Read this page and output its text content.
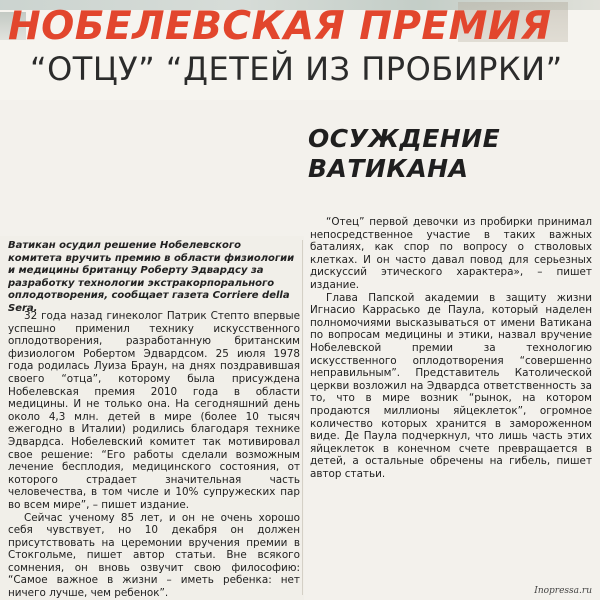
НОБЕЛЕВСКАЯ ПРЕМИЯ
“ОТЦУ” “ДЕТЕЙ ИЗ ПРОБИРКИ”
ОСУЖДЕНИЕ
ВАТИКАНА
Ватикан осудил решение Нобелевского комитета вручить премию в области физиологии и медицины британцу Роберту Эдвардсу за разработку технологии экстракорпорального оплодотворения, сообщает газета Corriere della Sera.

32 года назад гинеколог Патрик Степто впервые успешно применил технику искусственного оплодотворения, разработанную британским физиологом Робертом Эдвардсом. 25 июля 1978 года родилась Луиза Браун, на днях поздравившая своего “отца”, которому была присуждена Нобелевская премия 2010 года в области медицины. И не только она. На сегодняшний день около 4,3 млн. детей в мире (более 10 тысяч ежегодно в Италии) родились благодаря технике Эдвардса. Нобелевский комитет так мотивировал свое решение: “Его работы сделали возможным лечение бесплодия, медицинского состояния, от которого страдает значительная часть человечества, в том числе и 10% супружеских пар во всем мире”, – пишет издание.

Сейчас ученому 85 лет, и он не очень хорошо себя чувствует, но 10 декабря он должен присутствовать на церемонии вручения премии в Стокгольме, пишет автор статьи. Вне всякого сомнения, он вновь озвучит свою философию: “Самое важное в жизни – иметь ребенка: нет ничего лучше, чем ребенок”.

“Отец” первой девочки из пробирки принимал непосредственное участие в таких важных баталиях, как спор по вопросу о стволовых клетках. И он часто давал повод для серьезных дискуссий этического характера», – пишет издание.

Глава Папской академии в защиту жизни Игнасио Каррасько де Паула, который наделен полномочиями высказываться от имени Ватикана по вопросам медицины и этики, назвал вручение Нобелевской премии за технологию искусственного оплодотворения “совершенно неправильным”. Представитель Католической церкви возложил на Эдвардса ответственность за то, что в мире возник “рынок, на котором продаются миллионы яйцеклеток”, огромное количество которых хранится в замороженном виде. Де Паула подчеркнул, что лишь часть этих яйцеклеток в конечном счете превращается в детей, а остальные обречены на гибель, пишет автор статьи.

Inopressa.ru
